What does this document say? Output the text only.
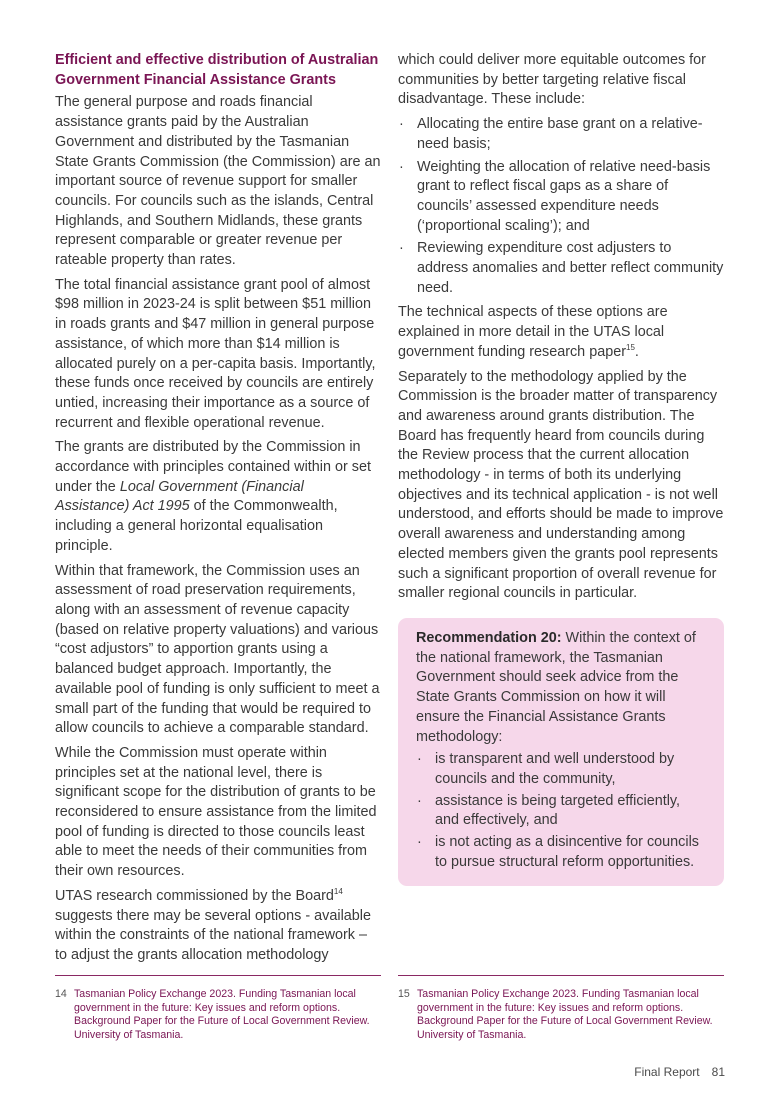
Efficient and effective distribution of Australian Government Financial Assistance Grants

The general purpose and roads financial assistance grants paid by the Australian Government and distributed by the Tasmanian State Grants Commission (the Commission) are an important source of revenue support for smaller councils. For councils such as the islands, Central Highlands, and Southern Midlands, these grants represent comparable or greater revenue per rateable property than rates.

The total financial assistance grant pool of almost $98 million in 2023-24 is split between $51 million in roads grants and $47 million in general purpose assistance, of which more than $14 million is allocated purely on a per-capita basis. Importantly, these funds once received by councils are entirely untied, increasing their importance as a source of recurrent and flexible operational revenue.

The grants are distributed by the Commission in accordance with principles contained within or set under the Local Government (Financial Assistance) Act 1995 of the Commonwealth, including a general horizontal equalisation principle.

Within that framework, the Commission uses an assessment of road preservation requirements, along with an assessment of revenue capacity (based on relative property valuations) and various “cost adjustors” to apportion grants using a balanced budget approach. Importantly, the available pool of funding is only sufficient to meet a small part of the funding that would be required to allow councils to achieve a comparable standard.

While the Commission must operate within principles set at the national level, there is significant scope for the distribution of grants to be reconsidered to ensure assistance from the limited pool of funding is directed to those councils least able to meet the needs of their communities from their own resources.

UTAS research commissioned by the Board$^{14}$ suggests there may be several options - available within the constraints of the national framework – to adjust the grants allocation methodology

which could deliver more equitable outcomes for communities by better targeting relative fiscal disadvantage. These include:

· Allocating the entire base grant on a relative-need basis;
· Weighting the allocation of relative need-basis grant to reflect fiscal gaps as a share of councils’ assessed expenditure needs (‘proportional scaling’); and
· Reviewing expenditure cost adjusters to address anomalies and better reflect community need.

The technical aspects of these options are explained in more detail in the UTAS local government funding research paper$^{15}$.

Separately to the methodology applied by the Commission is the broader matter of transparency and awareness around grants distribution. The Board has frequently heard from councils during the Review process that the current allocation methodology - in terms of both its underlying objectives and its technical application - is not well understood, and efforts should be made to improve overall awareness and understanding among elected members given the grants pool represents such a significant proportion of overall revenue for smaller regional councils in particular.

Recommendation 20: Within the context of the national framework, the Tasmanian Government should seek advice from the State Grants Commission on how it will ensure the Financial Assistance Grants methodology:

· is transparent and well understood by councils and the community,
· assistance is being targeted efficiently, and effectively, and
· is not acting as a disincentive for councils to pursue structural reform opportunities.
14 Tasmanian Policy Exchange 2023. Funding Tasmanian local government in the future: Key issues and reform options. Background Paper for the Future of Local Government Review. University of Tasmania.
15 Tasmanian Policy Exchange 2023. Funding Tasmanian local government in the future: Key issues and reform options. Background Paper for the Future of Local Government Review. University of Tasmania.
Final Report 81
